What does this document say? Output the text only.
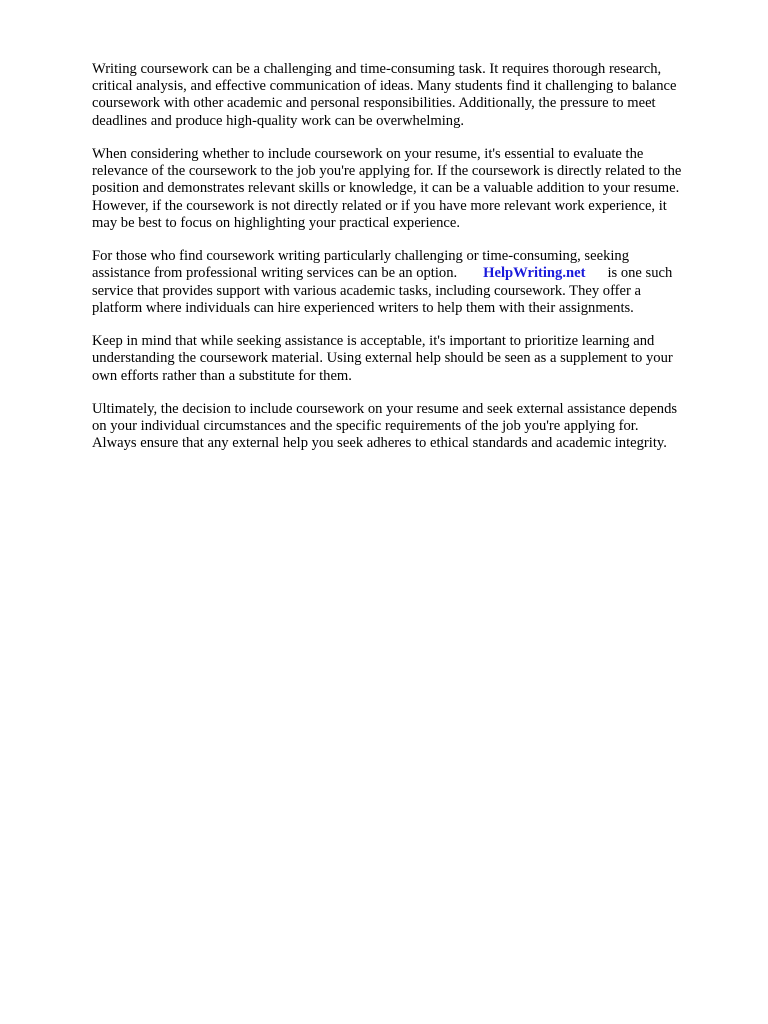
Writing coursework can be a challenging and time-consuming task. It requires thorough research,
critical analysis, and effective communication of ideas. Many students find it challenging to balance
coursework with other academic and personal responsibilities. Additionally, the pressure to meet
deadlines and produce high-quality work can be overwhelming.

When considering whether to include coursework on your resume, it's essential to evaluate the
relevance of the coursework to the job you're applying for. If the coursework is directly related to the
position and demonstrates relevant skills or knowledge, it can be a valuable addition to your resume.
However, if the coursework is not directly related or if you have more relevant work experience, it
may be best to focus on highlighting your practical experience.

For those who find coursework writing particularly challenging or time-consuming, seeking
assistance from professional writing services can be an option. HelpWriting.net is one such
service that provides support with various academic tasks, including coursework. They offer a
platform where individuals can hire experienced writers to help them with their assignments.

Keep in mind that while seeking assistance is acceptable, it's important to prioritize learning and
understanding the coursework material. Using external help should be seen as a supplement to your
own efforts rather than a substitute for them.

Ultimately, the decision to include coursework on your resume and seek external assistance depends
on your individual circumstances and the specific requirements of the job you're applying for.
Always ensure that any external help you seek adheres to ethical standards and academic integrity.
